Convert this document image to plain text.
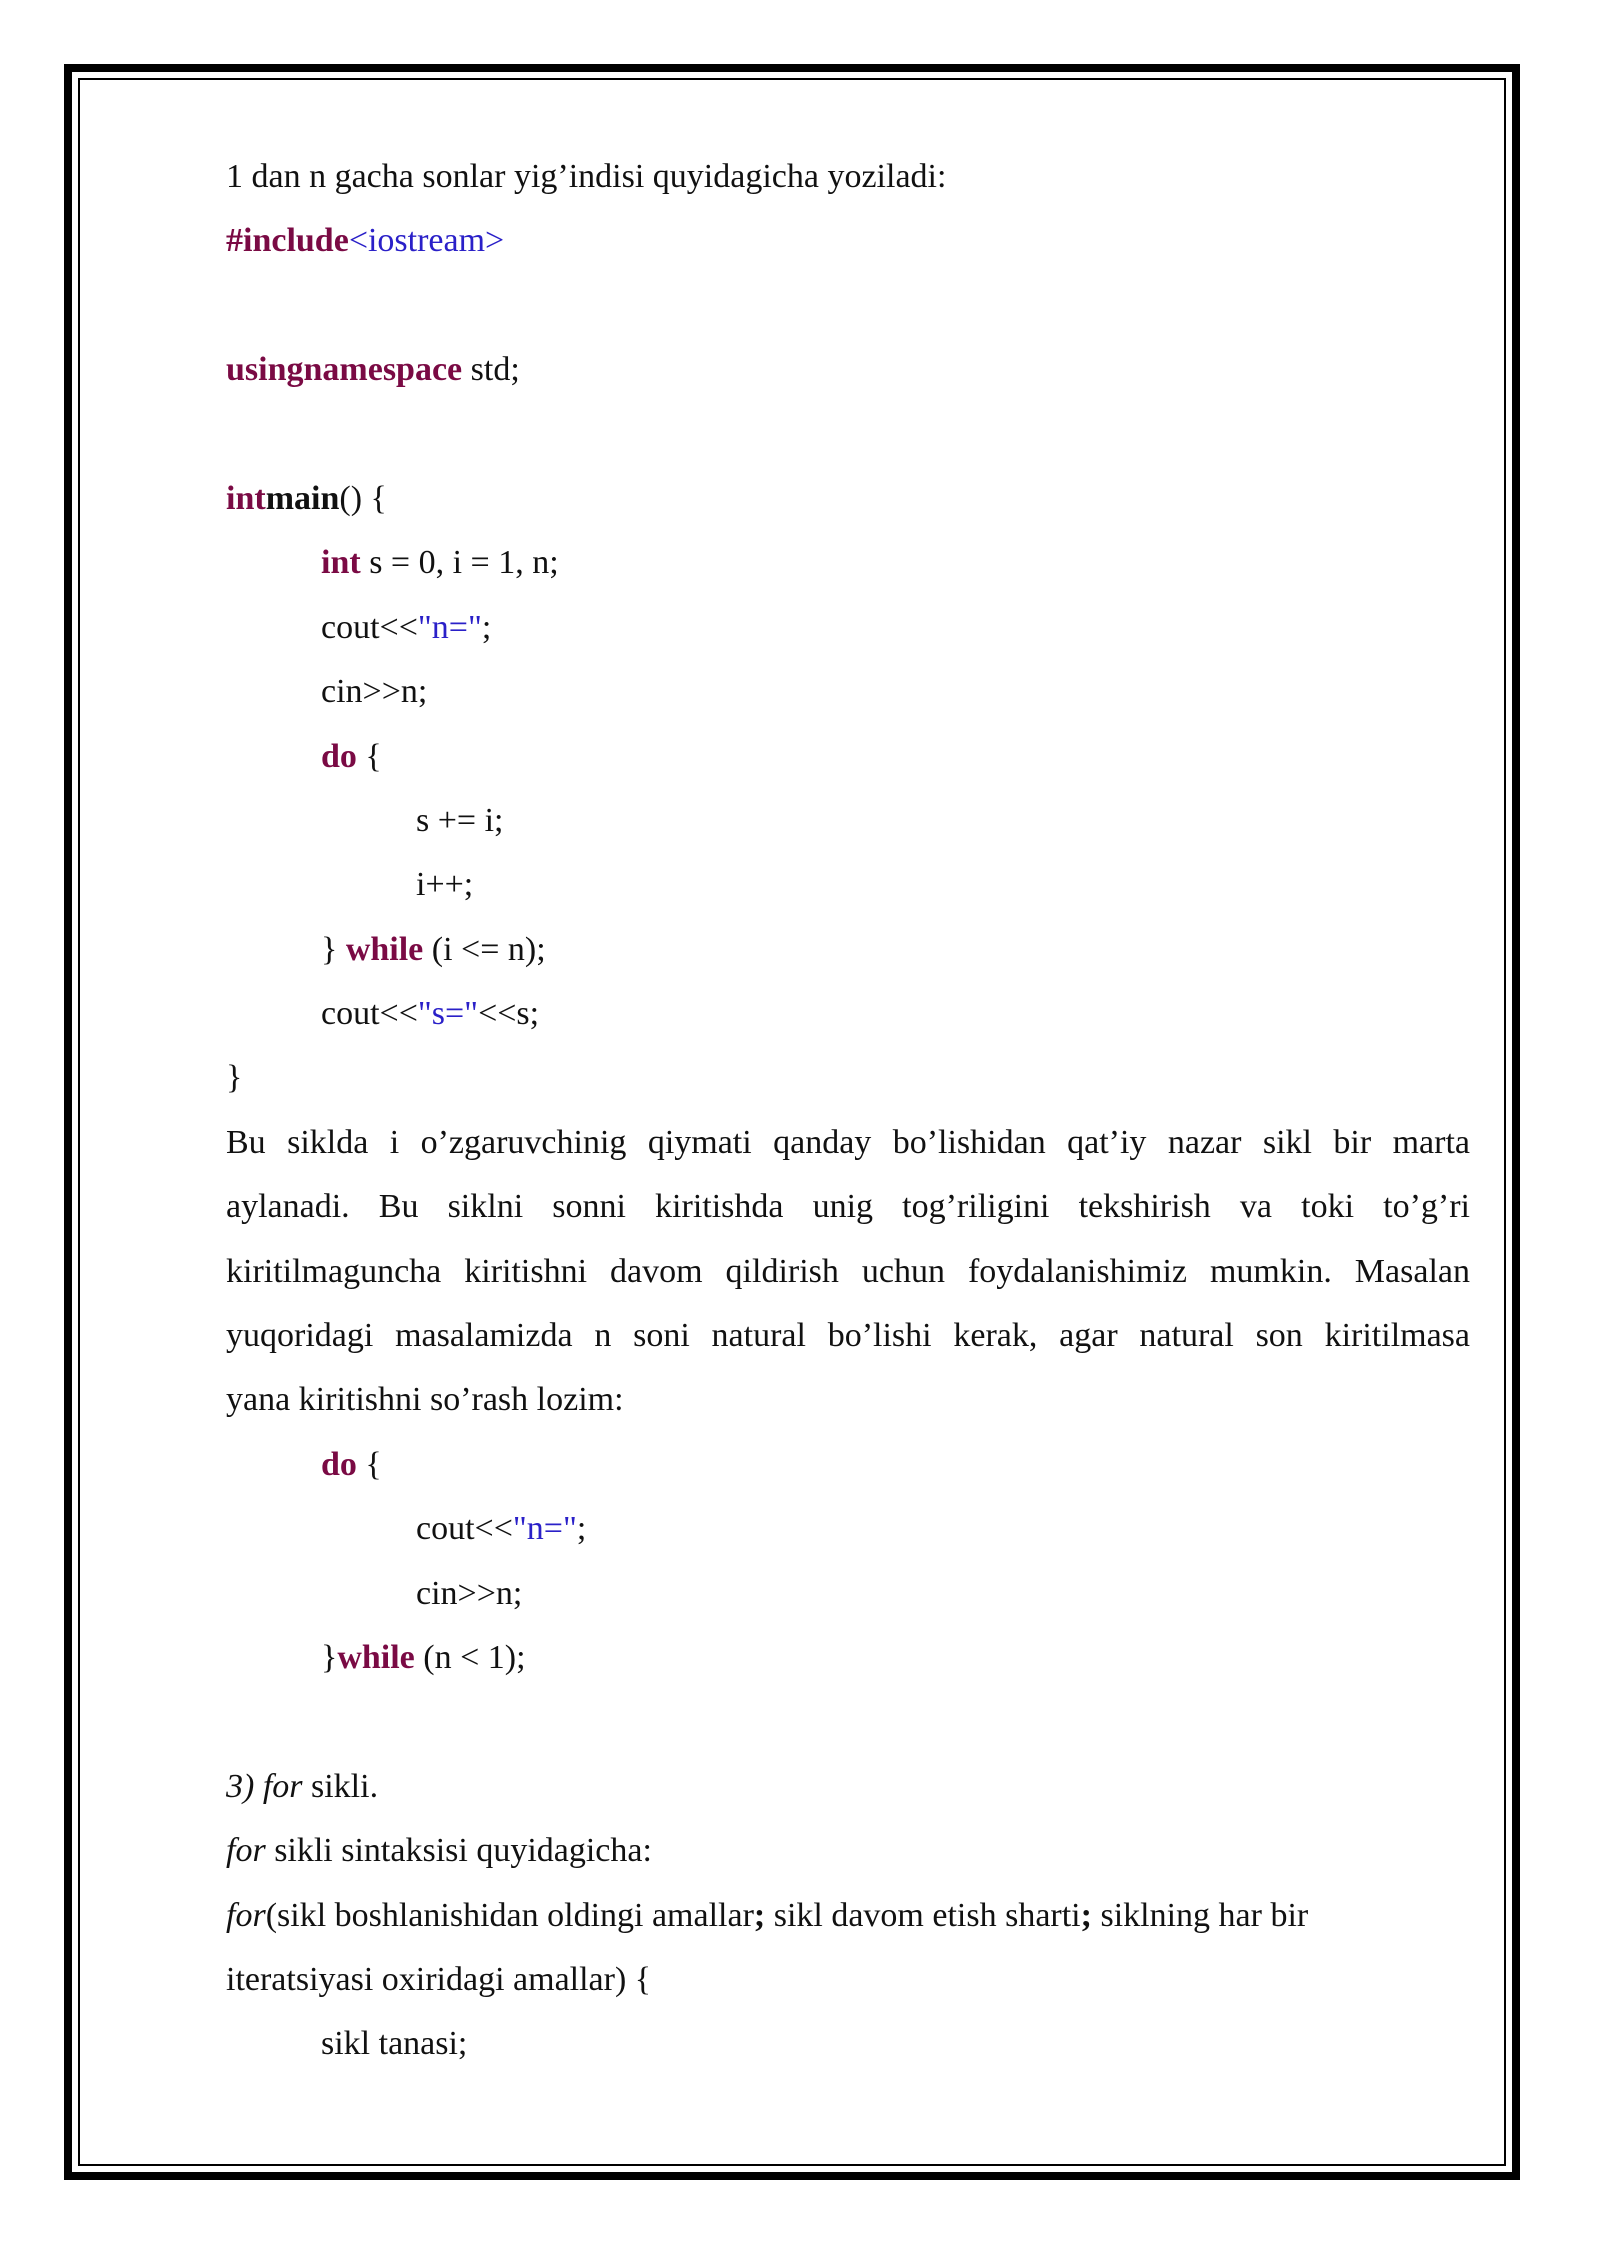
1 dan n gacha sonlar yig’indisi quyidagicha yoziladi:
#include<iostream>
usingnamespace std;
intmain() {
int s = 0, i = 1, n;
cout<<"n=";
cin>>n;
do {
s += i;
i++;
} while (i <= n);
cout<<"s="<<s;
}
Bu siklda i o’zgaruvchinig qiymati qanday bo’lishidan qat’iy nazar sikl bir marta
aylanadi. Bu siklni sonni kiritishda unig tog’riligini tekshirish va toki to’g’ri
kiritilmaguncha kiritishni davom qildirish uchun foydalanishimiz mumkin. Masalan
yuqoridagi masalamizda n soni natural bo’lishi kerak, agar natural son kiritilmasa
yana kiritishni so’rash lozim:
do {
cout<<"n=";
cin>>n;
}while (n < 1);
3) for sikli.
for sikli sintaksisi quyidagicha:
for(sikl boshlanishidan oldingi amallar; sikl davom etish sharti; siklning har bir
iteratsiyasi oxiridagi amallar) {
sikl tanasi;
